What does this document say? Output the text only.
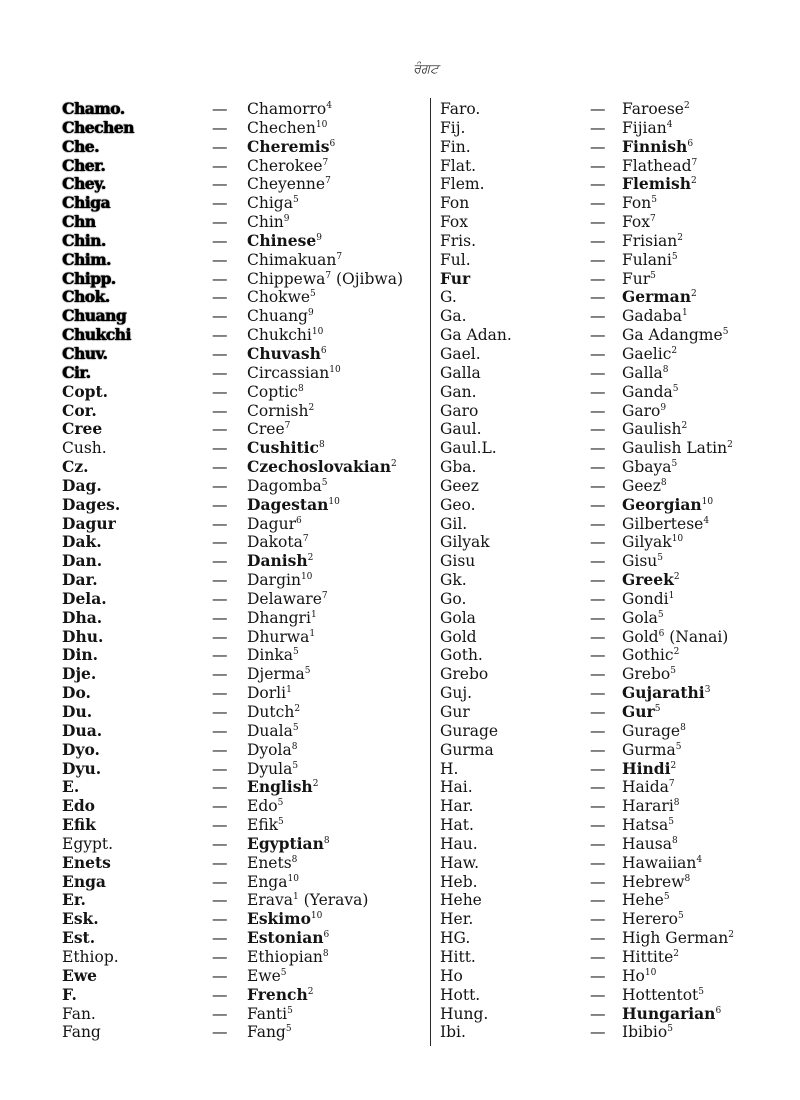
ਰੰਗਟ
Chamo.	— Chamorro$^4$
Chechen	— Chechen$^{10}$
Che.	— Cheremis$^6$
Cher.	— Cherokee$^7$
Chey.	— Cheyenne$^7$
Chiga	— Chiga$^5$
Chn	— Chin$^9$
Chin.	— Chinese$^9$
Chim.	— Chimakuan$^7$
Chipp.	— Chippewa$^7$ (Ojibwa)
Chok.	— Chokwe$^5$
Chuang	— Chuang$^9$
Chukchi	— Chukchi$^{10}$
Chuv.	— Chuvash$^6$
Cir.	— Circassian$^{10}$
Copt.	— Coptic$^8$
Cor.	— Cornish$^2$
Cree	— Cree$^7$
Cush.	— Cushitic$^8$
Cz.	— Czechoslovakian$^2$
Dag.	— Dagomba$^5$
Dages.	— Dagestan$^{10}$
Dagur	— Dagur$^6$
Dak.	— Dakota$^7$
Dan.	— Danish$^2$
Dar.	— Dargin$^{10}$
Dela.	— Delaware$^7$
Dha.	— Dhangri$^1$
Dhu.	— Dhurwa$^1$
Din.	— Dinka$^5$
Dje.	— Djerma$^5$
Do.	— Dorli$^1$
Du.	— Dutch$^2$
Dua.	— Duala$^5$
Dyo.	— Dyola$^8$
Dyu.	— Dyula$^5$
E.	— English$^2$
Edo	— Edo$^5$
Efik	— Efik$^5$
Egypt.	— Egyptian$^8$
Enets	— Enets$^8$
Enga	— Enga$^{10}$
Er.	— Erava$^1$ (Yerava)
Esk.	— Eskimo$^{10}$
Est.	— Estonian$^6$
Ethiop.	— Ethiopian$^8$
Ewe	— Ewe$^5$
F.	— French$^2$
Fan.	— Fanti$^5$
Fang	— Fang$^5$
Faro.	— Faroese$^2$
Fij.	— Fijian$^4$
Fin.	— Finnish$^6$
Flat.	— Flathead$^7$
Flem.	— Flemish$^2$
Fon	— Fon$^5$
Fox	— Fox$^7$
Fris.	— Frisian$^2$
Ful.	— Fulani$^5$
Fur	— Fur$^5$
G.	— German$^2$
Ga.	— Gadaba$^1$
Ga Adan.	— Ga Adangme$^5$
Gael.	— Gaelic$^2$
Galla	— Galla$^8$
Gan.	— Ganda$^5$
Garo	— Garo$^9$
Gaul.	— Gaulish$^2$
Gaul.L.	— Gaulish Latin$^2$
Gba.	— Gbaya$^5$
Geez	— Geez$^8$
Geo.	— Georgian$^{10}$
Gil.	— Gilbertese$^4$
Gilyak	— Gilyak$^{10}$
Gisu	— Gisu$^5$
Gk.	— Greek$^2$
Go.	— Gondi$^1$
Gola	— Gola$^5$
Gold	— Gold$^6$ (Nanai)
Goth.	— Gothic$^2$
Grebo	— Grebo$^5$
Guj.	— Gujarathi$^3$
Gur	— Gur$^5$
Gurage	— Gurage$^8$
Gurma	— Gurma$^5$
H.	— Hindi$^2$
Hai.	— Haida$^7$
Har.	— Harari$^8$
Hat.	— Hatsa$^5$
Hau.	— Hausa$^8$
Haw.	— Hawaiian$^4$
Heb.	— Hebrew$^8$
Hehe	— Hehe$^5$
Her.	— Herero$^5$
HG.	— High German$^2$
Hitt.	— Hittite$^2$
Ho	— Ho$^{10}$
Hott.	— Hottentot$^5$
Hung.	— Hungarian$^6$
Ibi.	— Ibibio$^5$
